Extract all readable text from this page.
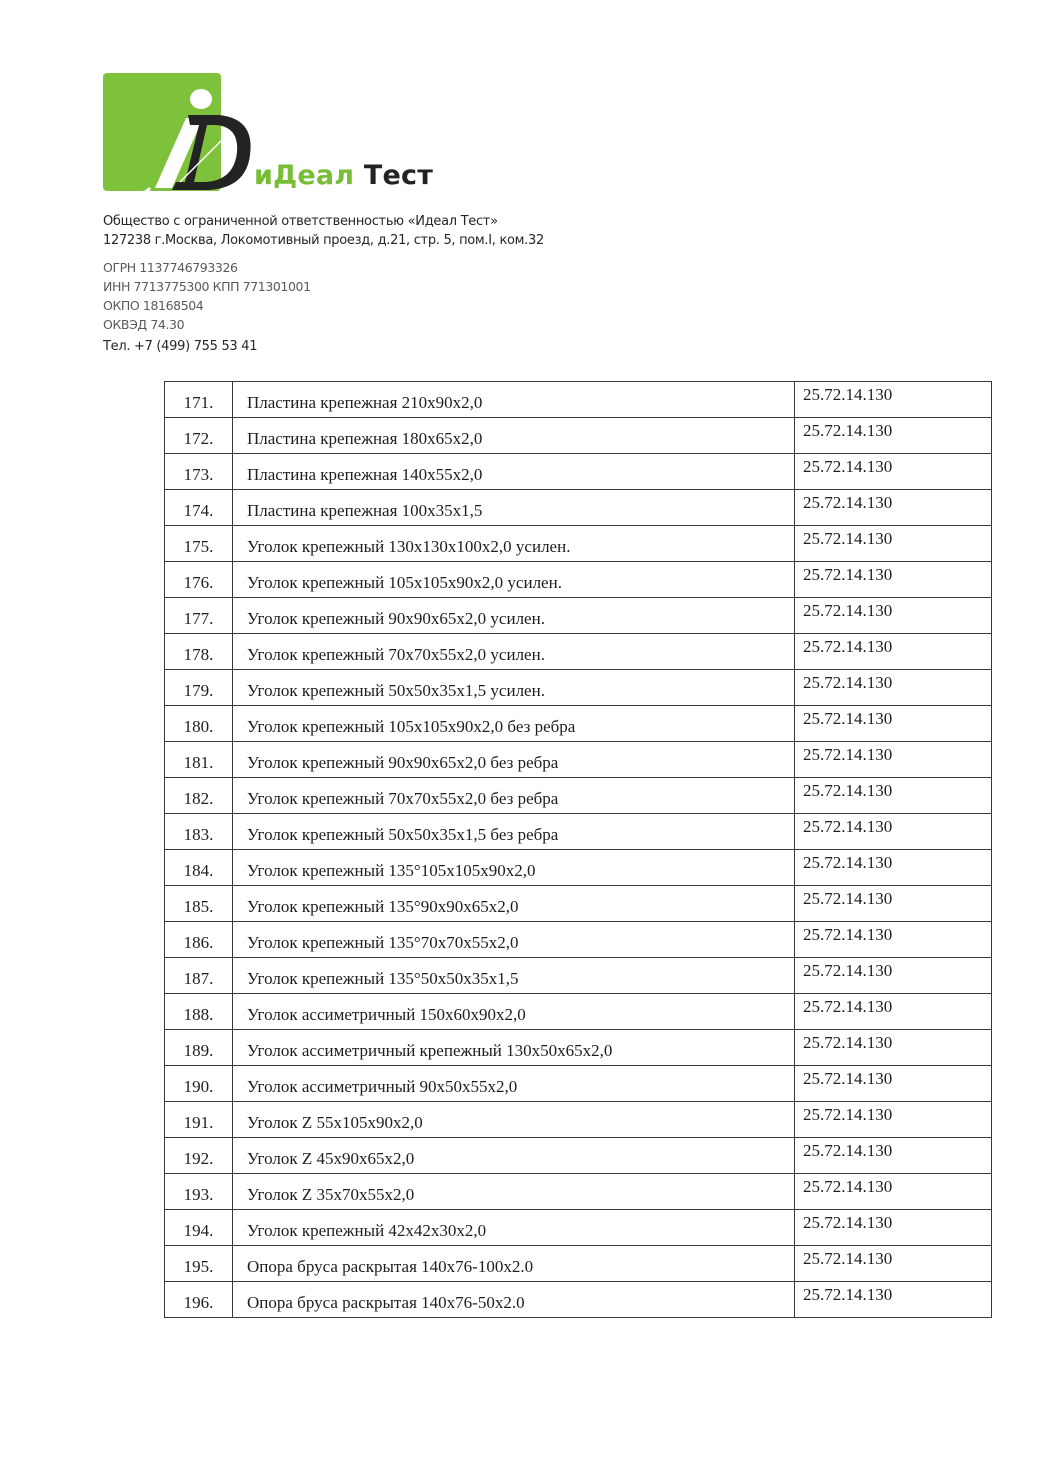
иДеал Тест
Общество с ограниченной ответственностью «Идеал Тест»
127238 г.Москва, Локомотивный проезд, д.21, стр. 5, пом.I, ком.32
ОГРН 1137746793326
ИНН 7713775300 КПП 771301001
ОКПО 18168504
ОКВЭД 74.30
Тел. +7 (499) 755 53 41
171.	Пластина крепежная 210х90х2,0	25.72.14.130
172.	Пластина крепежная 180х65х2,0	25.72.14.130
173.	Пластина крепежная 140х55х2,0	25.72.14.130
174.	Пластина крепежная 100х35х1,5	25.72.14.130
175.	Уголок крепежный 130х130х100х2,0 усилен.	25.72.14.130
176.	Уголок крепежный 105х105х90х2,0 усилен.	25.72.14.130
177.	Уголок крепежный 90х90х65х2,0 усилен.	25.72.14.130
178.	Уголок крепежный 70х70х55х2,0 усилен.	25.72.14.130
179.	Уголок крепежный 50х50х35х1,5 усилен.	25.72.14.130
180.	Уголок крепежный 105х105х90х2,0 без ребра	25.72.14.130
181.	Уголок крепежный 90х90х65х2,0 без ребра	25.72.14.130
182.	Уголок крепежный 70х70х55х2,0 без ребра	25.72.14.130
183.	Уголок крепежный 50х50х35х1,5 без ребра	25.72.14.130
184.	Уголок крепежный 135°105х105х90х2,0	25.72.14.130
185.	Уголок крепежный 135°90х90х65х2,0	25.72.14.130
186.	Уголок крепежный 135°70х70х55х2,0	25.72.14.130
187.	Уголок крепежный 135°50х50х35х1,5	25.72.14.130
188.	Уголок ассиметричный 150х60х90х2,0	25.72.14.130
189.	Уголок ассиметричный крепежный 130х50х65х2,0	25.72.14.130
190.	Уголок ассиметричный 90х50х55х2,0	25.72.14.130
191.	Уголок Z 55х105х90х2,0	25.72.14.130
192.	Уголок Z 45х90х65х2,0	25.72.14.130
193.	Уголок Z 35х70х55х2,0	25.72.14.130
194.	Уголок крепежный 42х42х30х2,0	25.72.14.130
195.	Опора бруса раскрытая 140х76-100х2.0	25.72.14.130
196.	Опора бруса раскрытая 140х76-50х2.0	25.72.14.130
